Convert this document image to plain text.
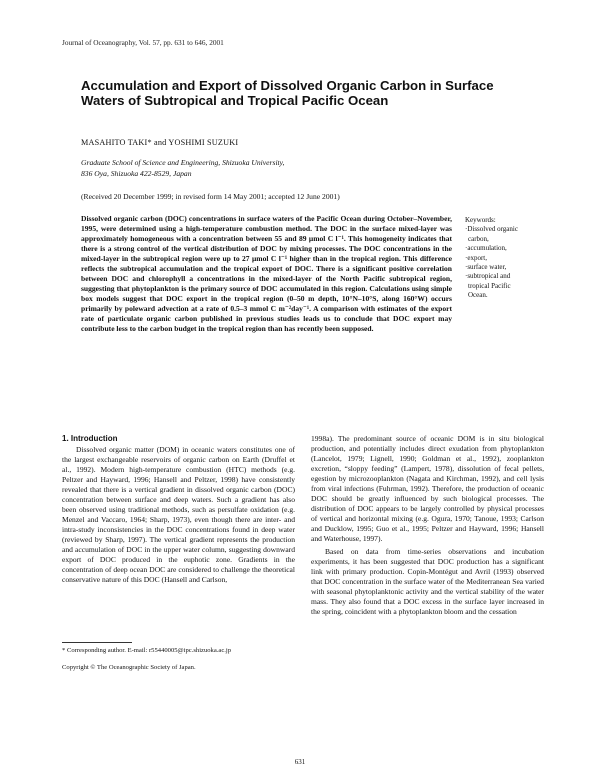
Journal of Oceanography, Vol. 57, pp. 631 to 646, 2001
Accumulation and Export of Dissolved Organic Carbon in Surface Waters of Subtropical and Tropical Pacific Ocean
MASAHITO TAKI* and YOSHIMI SUZUKI
Graduate School of Science and Engineering, Shizuoka University,
836 Oya, Shizuoka 422-8529, Japan
(Received 20 December 1999; in revised form 14 May 2001; accepted 12 June 2001)
Dissolved organic carbon (DOC) concentrations in surface waters of the Pacific Ocean during October–November, 1995, were determined using a high-temperature combustion method. The DOC in the surface mixed-layer was approximately homogeneous with a concentration between 55 and 89 μmol C l⁻¹. This homogeneity indicates that there is a strong control of the vertical distribution of DOC by mixing processes. The DOC concentrations in the mixed-layer in the subtropical region were up to 27 μmol C l⁻¹ higher than in the tropical region. This difference reflects the subtropical accumulation and the tropical export of DOC. There is a significant positive correlation between DOC and chlorophyll a concentrations in the mixed-layer of the North Pacific subtropical region, suggesting that phytoplankton is the primary source of DOC accumulated in this region. Calculations using simple box models suggest that DOC export in the tropical region (0–50 m depth, 10°N–10°S, along 160°W) occurs primarily by poleward advection at a rate of 0.5–3 mmol C m⁻²day⁻¹. A comparison with estimates of the export rate of particulate organic carbon published in previous studies leads us to conclude that DOC export may contribute less to the carbon budget in the tropical region than has recently been supposed.
Keywords:
·Dissolved organic
carbon,
·accumulation,
·export,
·surface water,
·subtropical and
tropical Pacific
Ocean.
1. Introduction

Dissolved organic matter (DOM) in oceanic waters constitutes one of the largest exchangeable reservoirs of organic carbon on Earth (Druffel et al., 1992). Modern high-temperature combustion (HTC) methods (e.g. Peltzer and Hayward, 1996; Hansell and Peltzer, 1998) have consistently revealed that there is a vertical gradient in dissolved organic carbon (DOC) concentration between surface and deep waters. Such a gradient has also been observed using traditional methods, such as persulfate oxidation (e.g. Menzel and Vaccaro, 1964; Sharp, 1973), even though there are inter- and intra-study inconsistencies in the DOC concentrations found in deep water (reviewed by Sharp, 1997). The vertical gradient represents the production and accumulation of DOC in the upper water column, suggesting downward export of DOC produced in the euphotic zone. Gradients in the concentration of deep ocean DOC are considered to challenge the theoretical conservative nature of this DOC (Hansell and Carlson,

1998a). The predominant source of oceanic DOM is in situ biological production, and potentially includes direct exudation from phytoplankton (Lancelot, 1979; Lignell, 1990; Goldman et al., 1992), zooplankton excretion, “sloppy feeding” (Lampert, 1978), dissolution of fecal pellets, egestion by microzooplankton (Nagata and Kirchman, 1992), and cell lysis from viral infections (Fuhrman, 1992). Therefore, the production of oceanic DOC should be greatly influenced by such biological processes. The distribution of DOC appears to be largely controlled by physical processes of vertical and horizontal mixing (e.g. Ogura, 1970; Tanoue, 1993; Carlson and Ducklow, 1995; Guo et al., 1995; Peltzer and Hayward, 1996; Hansell and Waterhouse, 1997).

Based on data from time-series observations and incubation experiments, it has been suggested that DOC production has a significant link with primary production. Copin-Montégut and Avril (1993) observed that DOC concentration in the surface water of the Mediterranean Sea varied with seasonal phytoplanktonic activity and the vertical stability of the water mass. They also found that a DOC excess in the surface layer increased in the spring, coincident with a phytoplankton bloom and the cessation

* Corresponding author. E-mail: r55440005@ipc.shizuoka.ac.jp
Copyright © The Oceanographic Society of Japan.
631
